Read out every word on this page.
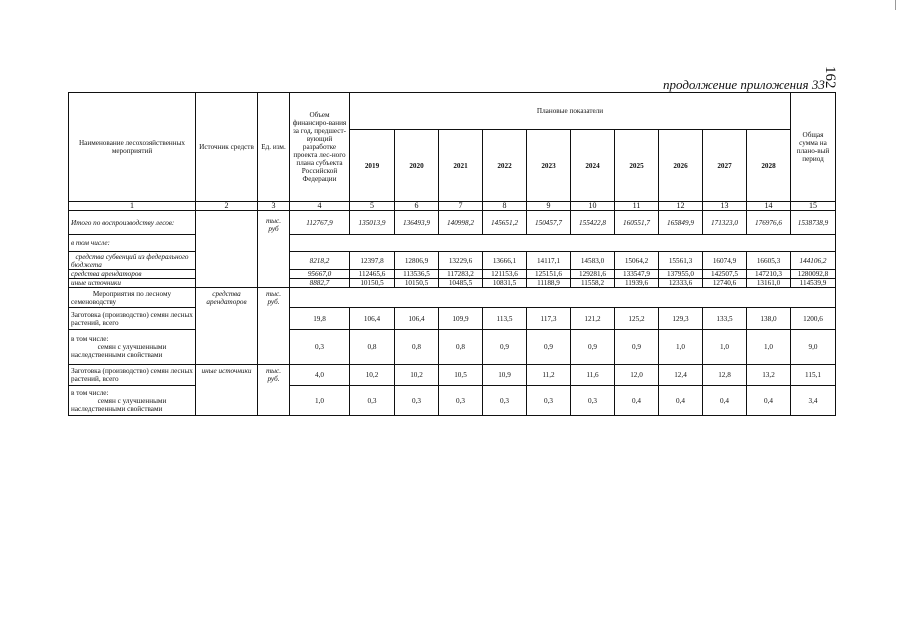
162
продолжение приложения 33
Наименование лесохозяйственных мероприятий	Источник средств	Ед. изм.	Объем финансиро-вания за год, предшест-вующий разработке проекта лес-ного плана субъекта Российской Федерации	Плановые показатели										Общая сумма на плано-вый период
				2019	2020	2021	2022	2023	2024	2025	2026	2027	2028	
1	2	3	4	5	6	7	8	9	10	11	12	13	14	15
Итого по воспроизводству лесов:		тыс. руб	112767,9	135013,9	136493,9	140998,2	145651,2	150457,7	155422,8	160551,7	165849,9	171323,0	176976,6	1538738,9
в том числе:														
средства субвенций из федерального бюджета			8218,2	12397,8	12806,9	13229,6	13666,1	14117,1	14583,0	15064,2	15561,3	16074,9	16605,3	144106,2
средства арендаторов			95667,0	112465,6	113536,5	117283,2	121153,6	125151,6	129281,6	133547,9	137955,0	142507,5	147210,3	1280092,8
иные источники			8882,7	10150,5	10150,5	10485,5	10831,5	11188,9	11558,2	11939,6	12333,6	12740,6	13161,0	114539,9
Мероприятия по лесному семеноводству	средства арендаторов	тыс. руб.												
Заготовка (производство) семян лесных растений, всего			19,8	106,4	106,4	109,9	113,5	117,3	121,2	125,2	129,3	133,5	138,0	1200,6
в том числе:
семян с улучшенными наследственными свойствами			0,3	0,8	0,8	0,8	0,9	0,9	0,9	0,9	1,0	1,0	1,0	9,0
Заготовка (производство) семян лесных растений, всего	иные источники	тыс. руб.	4,0	10,2	10,2	10,5	10,9	11,2	11,6	12,0	12,4	12,8	13,2	115,1
в том числе:
семян с улучшенными наследственными свойствами			1,0	0,3	0,3	0,3	0,3	0,3	0,3	0,4	0,4	0,4	0,4	3,4
